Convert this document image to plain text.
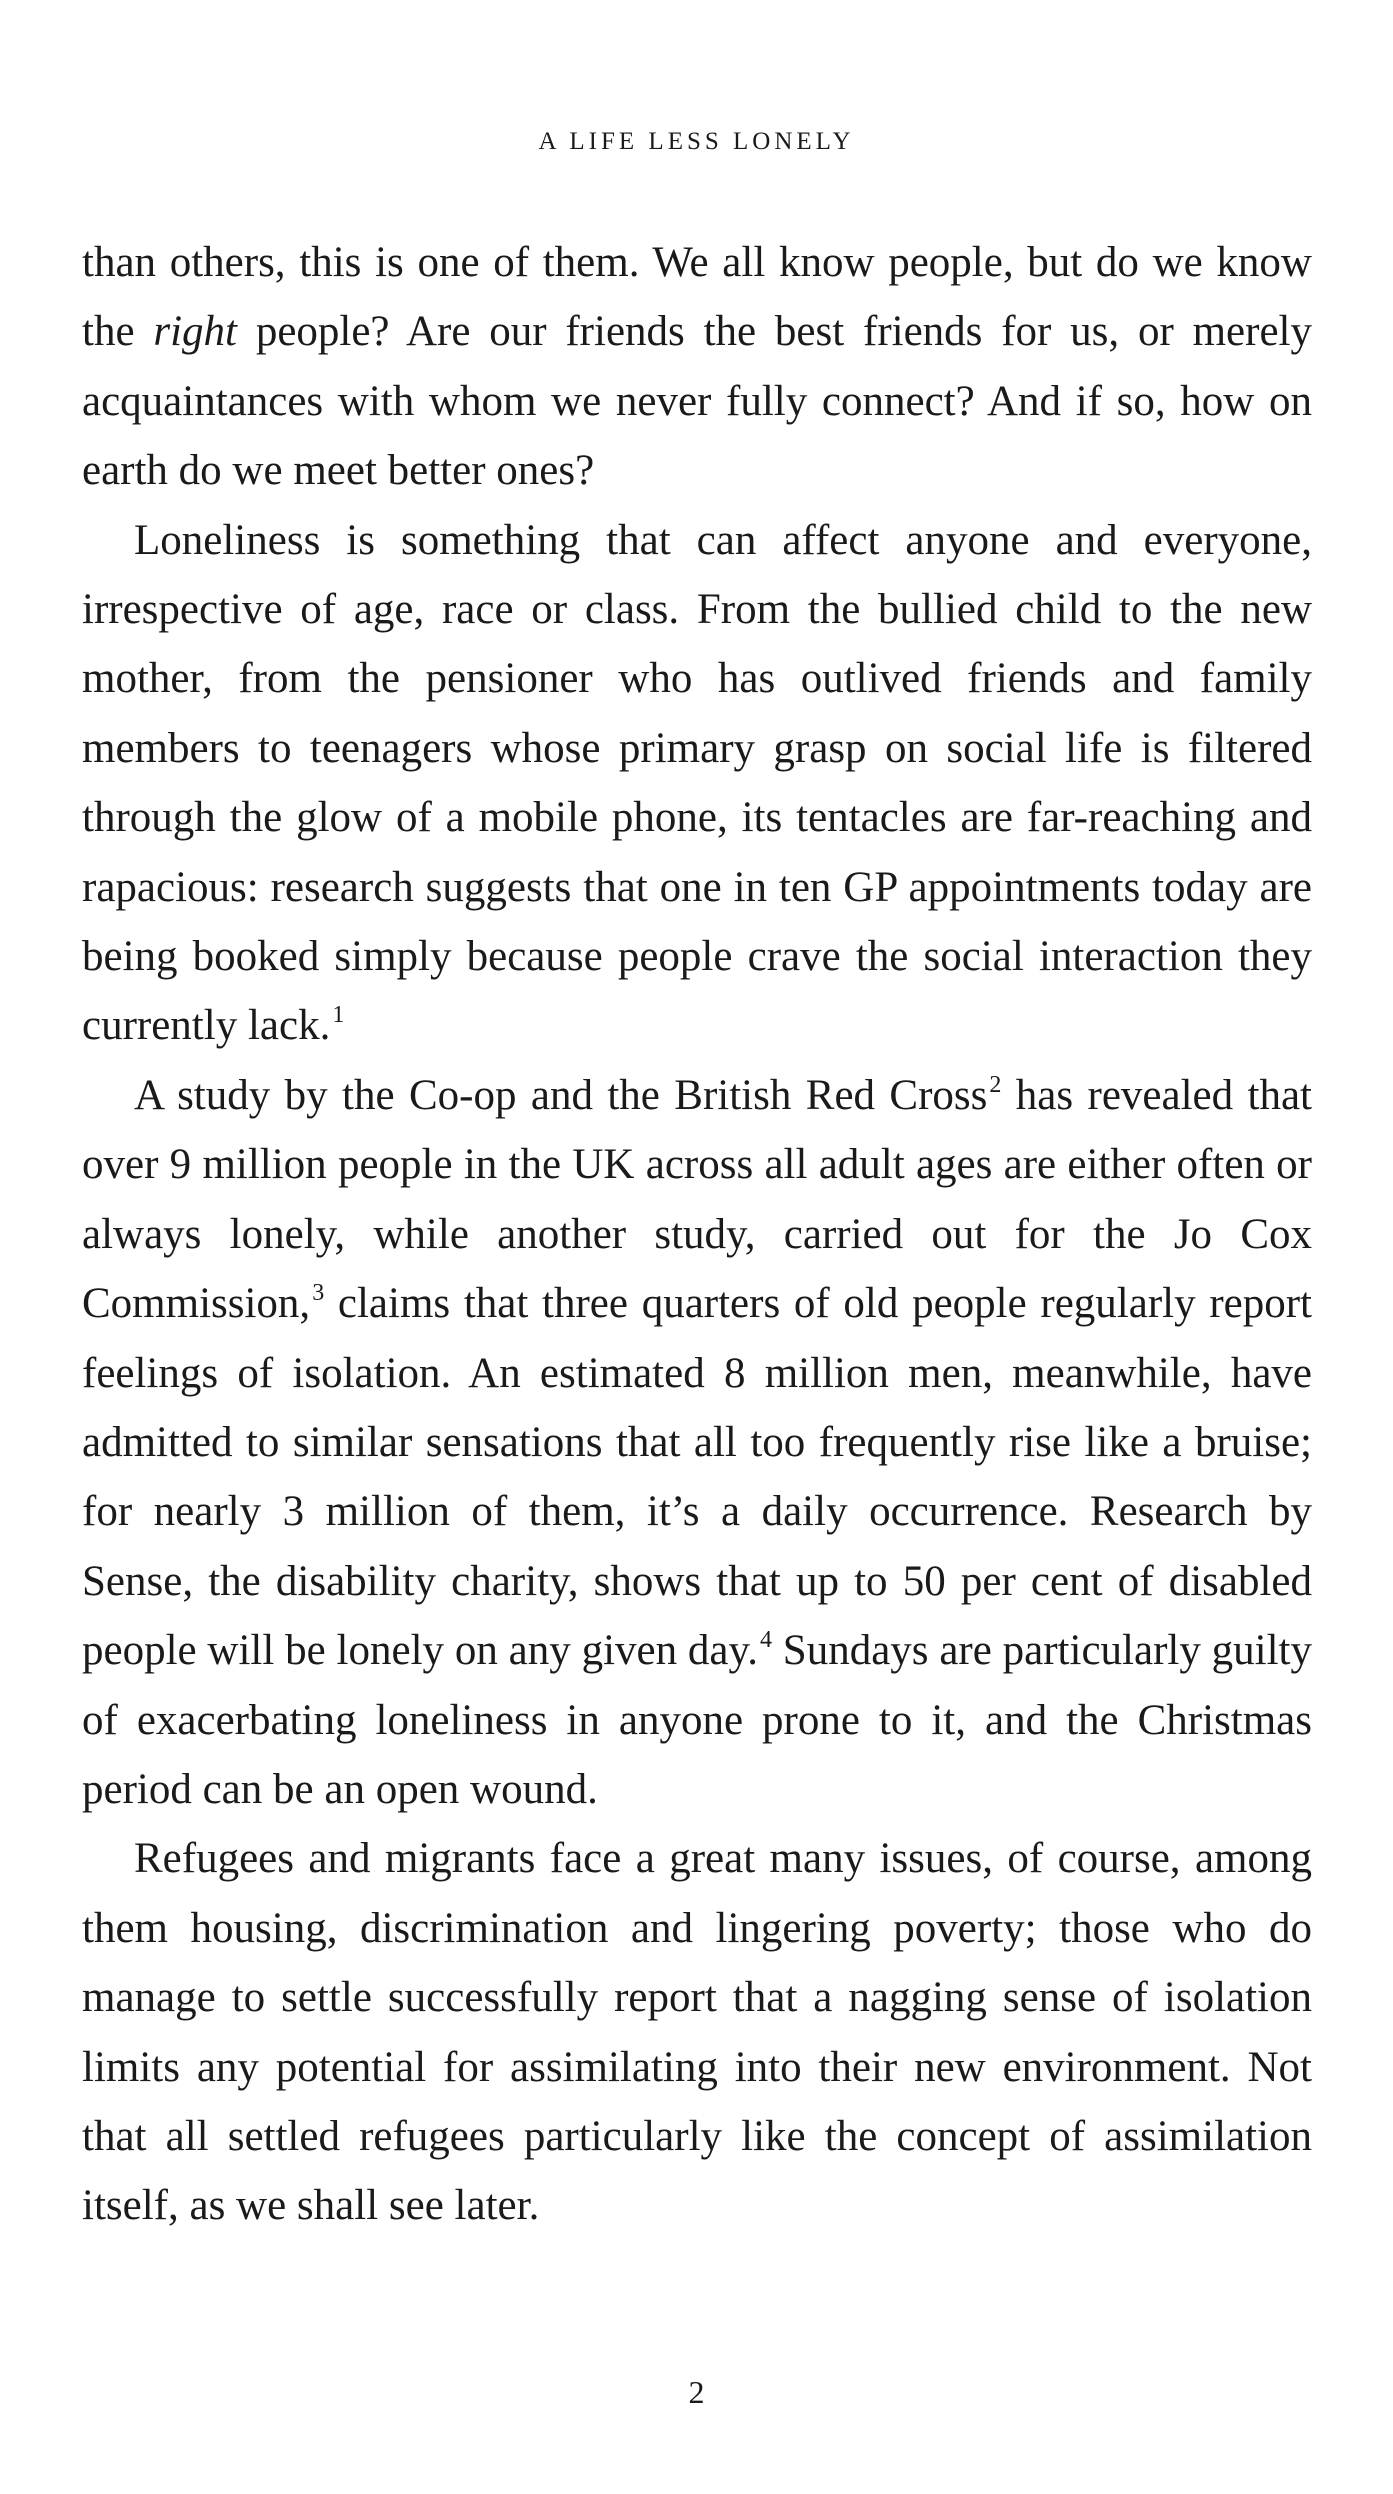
A LIFE LESS LONELY

than others, this is one of them. We all know people, but do we know the right people? Are our friends the best friends for us, or merely acquaintances with whom we never fully connect? And if so, how on earth do we meet better ones?

Loneliness is something that can affect anyone and everyone, irrespective of age, race or class. From the bullied child to the new mother, from the pensioner who has outlived friends and family members to teenagers whose primary grasp on social life is filtered through the glow of a mobile phone, its tentacles are far-reaching and rapacious: research suggests that one in ten GP appointments today are being booked simply because people crave the social interaction they currently lack.$^1$

A study by the Co-op and the British Red Cross$^2$ has revealed that over 9 million people in the UK across all adult ages are either often or always lonely, while another study, carried out for the Jo Cox Commission,$^3$ claims that three quarters of old people regularly report feelings of isolation. An estimated 8 million men, meanwhile, have admitted to similar sensations that all too frequently rise like a bruise; for nearly 3 million of them, it’s a daily occurrence. Research by Sense, the disability charity, shows that up to 50 per cent of disabled people will be lonely on any given day.$^4$ Sundays are particularly guilty of exacerbating loneliness in anyone prone to it, and the Christmas period can be an open wound.

Refugees and migrants face a great many issues, of course, among them housing, discrimination and lingering poverty; those who do manage to settle successfully report that a nagging sense of isolation limits any potential for assimilating into their new environment. Not that all settled refugees particularly like the concept of assimilation itself, as we shall see later.

2
